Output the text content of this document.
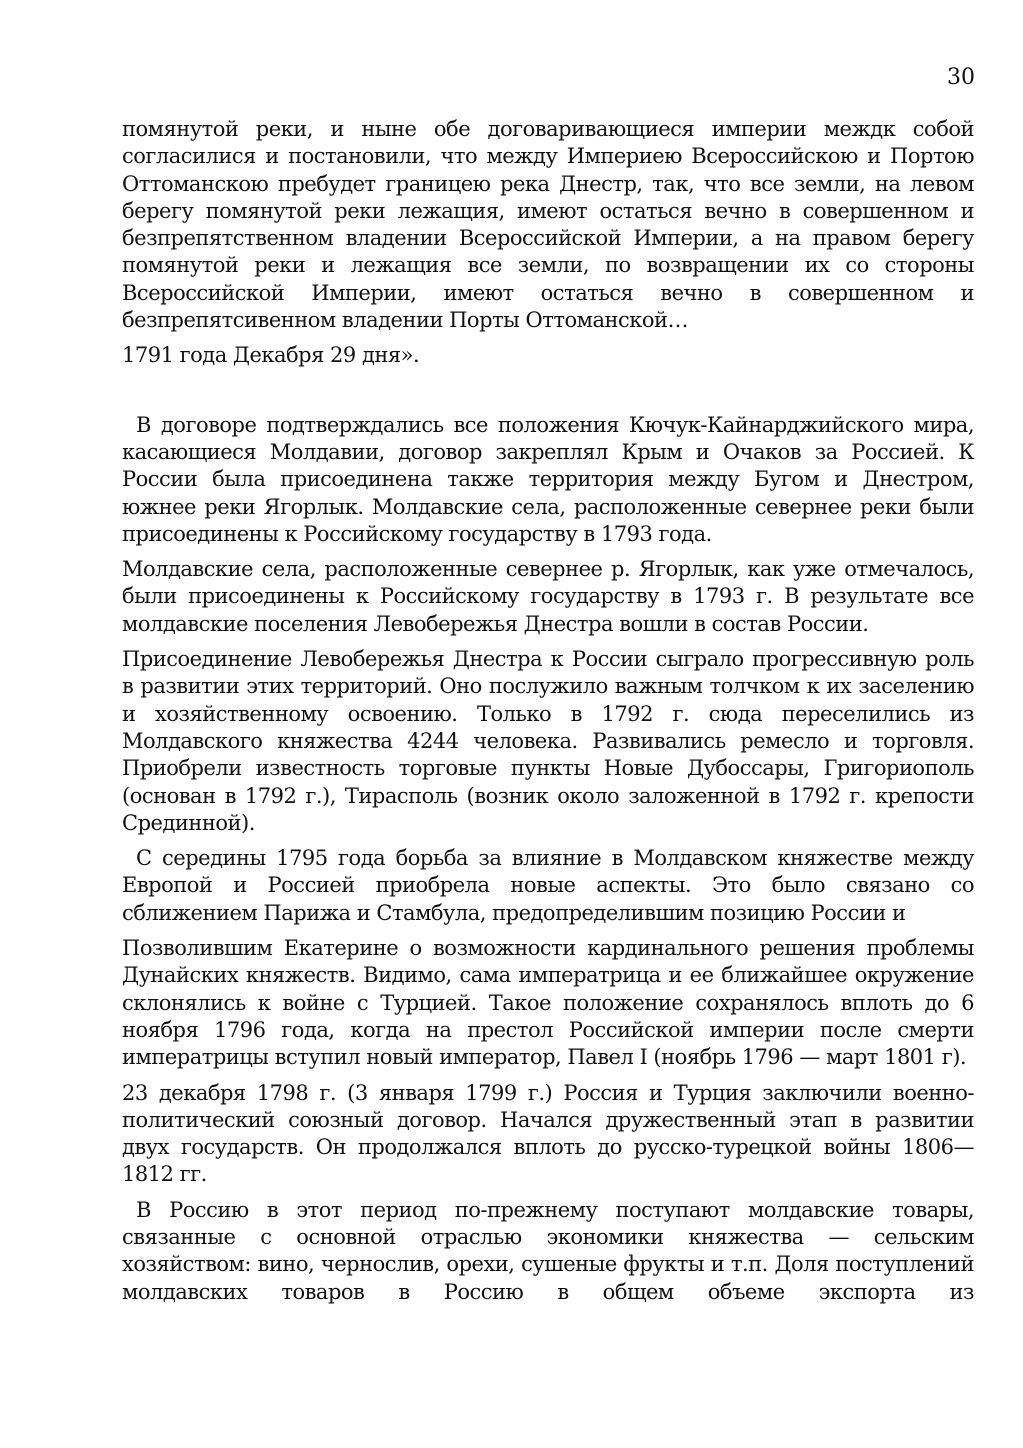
30

помянутой реки, и ныне обе договаривающиеся империи междк собой согласилися и постановили, что между Империею Всероссийскою и Портою Оттоманскою пребудет границею река Днестр, так, что все земли, на левом берегу помянутой реки лежащия, имеют остаться вечно в совершенном и безпрепятственном владении Всероссийской Империи, а на правом берегу помянутой реки и лежащия все земли, по возвращении их со стороны Всероссийской Империи, имеют остаться вечно в совершенном и безпрепятсивенном владении Порты Оттоманской…

1791 года Декабря 29 дня».

В договоре подтверждались все положения Кючук-Кайнарджийского мира, касающиеся Молдавии, договор закреплял Крым и Очаков за Россией. К России была присоединена также территория между Бугом и Днестром, южнее реки Ягорлык. Молдавские села, расположенные севернее реки были присоединены к Российскому государству в 1793 года.

Молдавские села, расположенные севернее р. Ягорлык, как уже отмечалось, были присоединены к Российскому государству в 1793 г. В результате все молдавские поселения Левобережья Днестра вошли в состав России.

Присоединение Левобережья Днестра к России сыграло прогрессивную роль в развитии этих территорий. Оно послужило важным толчком к их заселению и хозяйственному освоению. Только в 1792 г. сюда переселились из Молдавского княжества 4244 человека. Развивались ремесло и торговля. Приобрели известность торговые пункты Новые Дубоссары, Григориополь (основан в 1792 г.), Тирасполь (возник около заложенной в 1792 г. крепости Срединной).

С середины 1795 года борьба за влияние в Молдавском княжестве между Европой и Россией приобрела новые аспекты. Это было связано со сближением Парижа и Стамбула, предопределившим позицию России и

Позволившим Екатерине о возможности кардинального решения проблемы Дунайских княжеств. Видимо, сама императрица и ее ближайшее окружение склонялись к войне с Турцией. Такое положение сохранялось вплоть до 6 ноября 1796 года, когда на престол Российской империи после смерти императрицы вступил новый император, Павел I (ноябрь 1796 — март 1801 г).

23 декабря 1798 г. (3 января 1799 г.) Россия и Турция заключили военно-политический союзный договор. Начался дружественный этап в развитии двух государств. Он продолжался вплоть до русско-турецкой войны 1806—1812 гг.

В Россию в этот период по-прежнему поступают молдавские товары, связанные с основной отраслью экономики княжества — сельским хозяйством: вино, чернослив, орехи, сушеные фрукты и т.п. Доля поступлений молдавских товаров в Россию в общем объеме экспорта из
